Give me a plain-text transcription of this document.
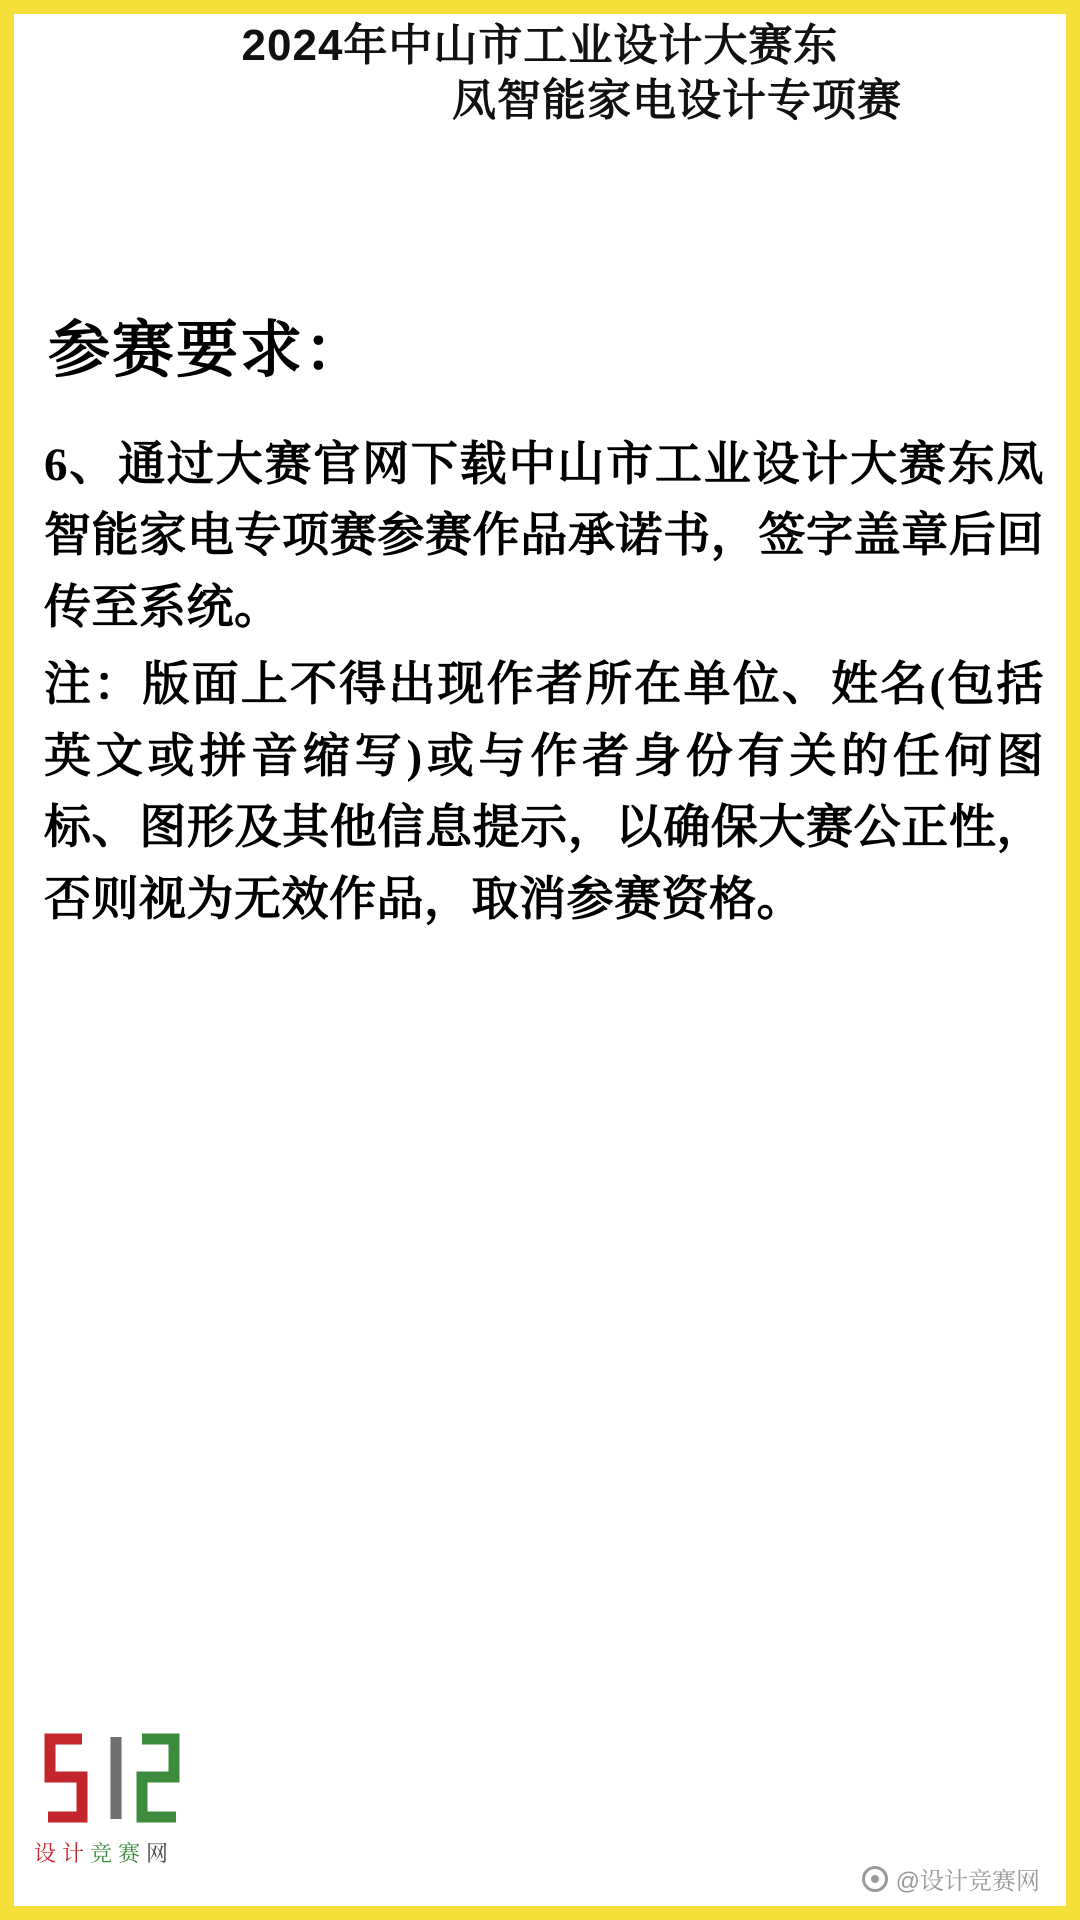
2024年中山市工业设计大赛东
凤智能家电设计专项赛
参赛要求：

6、通过大赛官网下载中山市工业设计大赛东凤智能家电专项赛参赛作品承诺书，签字盖章后回传至系统。

注：版面上不得出现作者所在单位、姓名(包括英文或拼音缩写)或与作者身份有关的任何图标、图形及其他信息提示，以确保大赛公正性，否则视为无效作品，取消参赛资格。

设计竞赛网
@设计竞赛网
